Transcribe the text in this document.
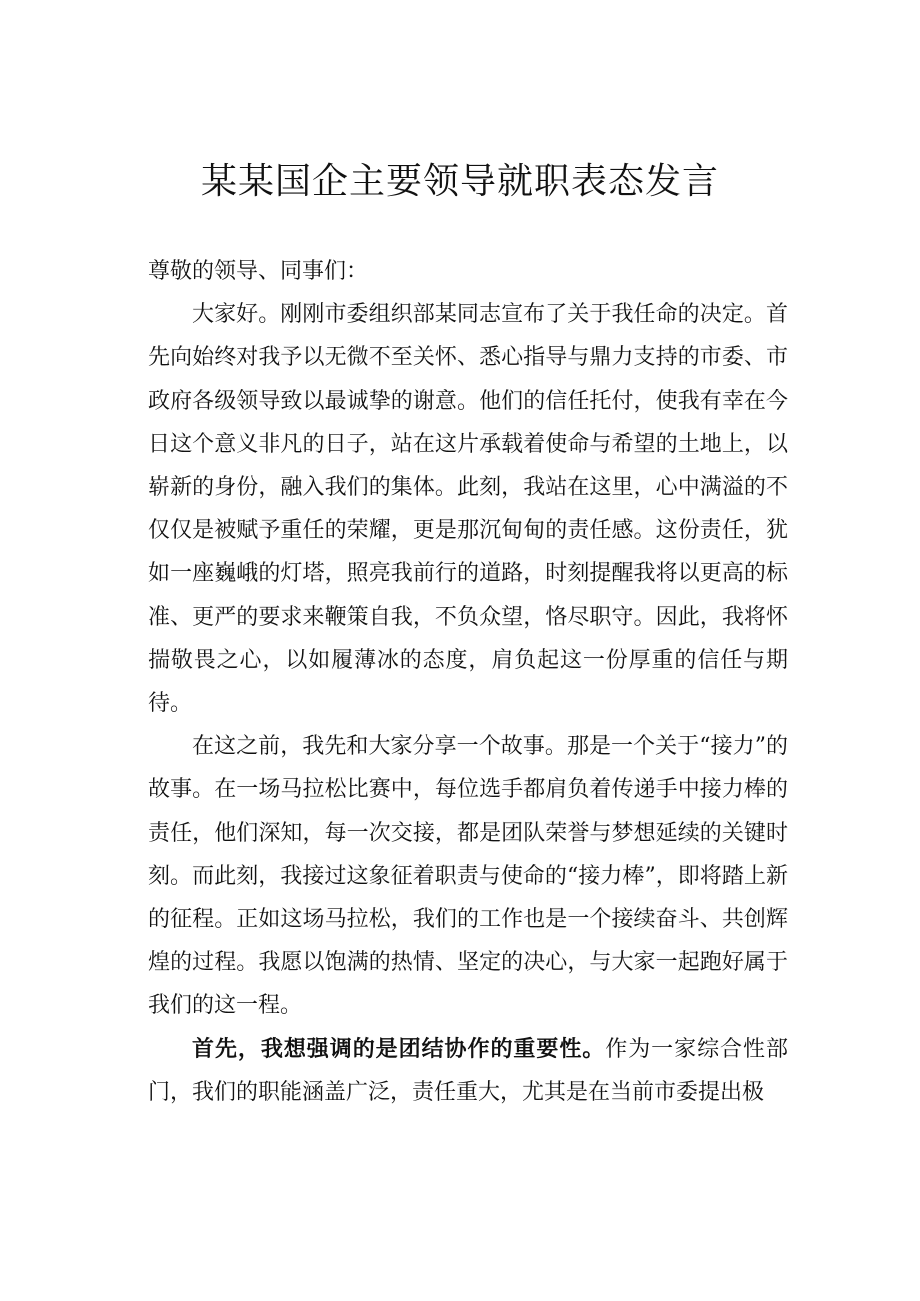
某某国企主要领导就职表态发言

尊敬的领导、同事们：

大家好。刚刚市委组织部某同志宣布了关于我任命的决定。首先向始终对我予以无微不至关怀、悉心指导与鼎力支持的市委、市政府各级领导致以最诚挚的谢意。他们的信任托付，使我有幸在今日这个意义非凡的日子，站在这片承载着使命与希望的土地上，以崭新的身份，融入我们的集体。此刻，我站在这里，心中满溢的不仅仅是被赋予重任的荣耀，更是那沉甸甸的责任感。这份责任，犹如一座巍峨的灯塔，照亮我前行的道路，时刻提醒我将以更高的标准、更严的要求来鞭策自我，不负众望，恪尽职守。因此，我将怀揣敬畏之心，以如履薄冰的态度，肩负起这一份厚重的信任与期待。

在这之前，我先和大家分享一个故事。那是一个关于“接力”的故事。在一场马拉松比赛中，每位选手都肩负着传递手中接力棒的责任，他们深知，每一次交接，都是团队荣誉与梦想延续的关键时刻。而此刻，我接过这象征着职责与使命的“接力棒”，即将踏上新的征程。正如这场马拉松，我们的工作也是一个接续奋斗、共创辉煌的过程。我愿以饱满的热情、坚定的决心，与大家一起跑好属于我们的这一程。

首先，我想强调的是团结协作的重要性。作为一家综合性部门，我们的职能涵盖广泛，责任重大，尤其是在当前市委提出极
